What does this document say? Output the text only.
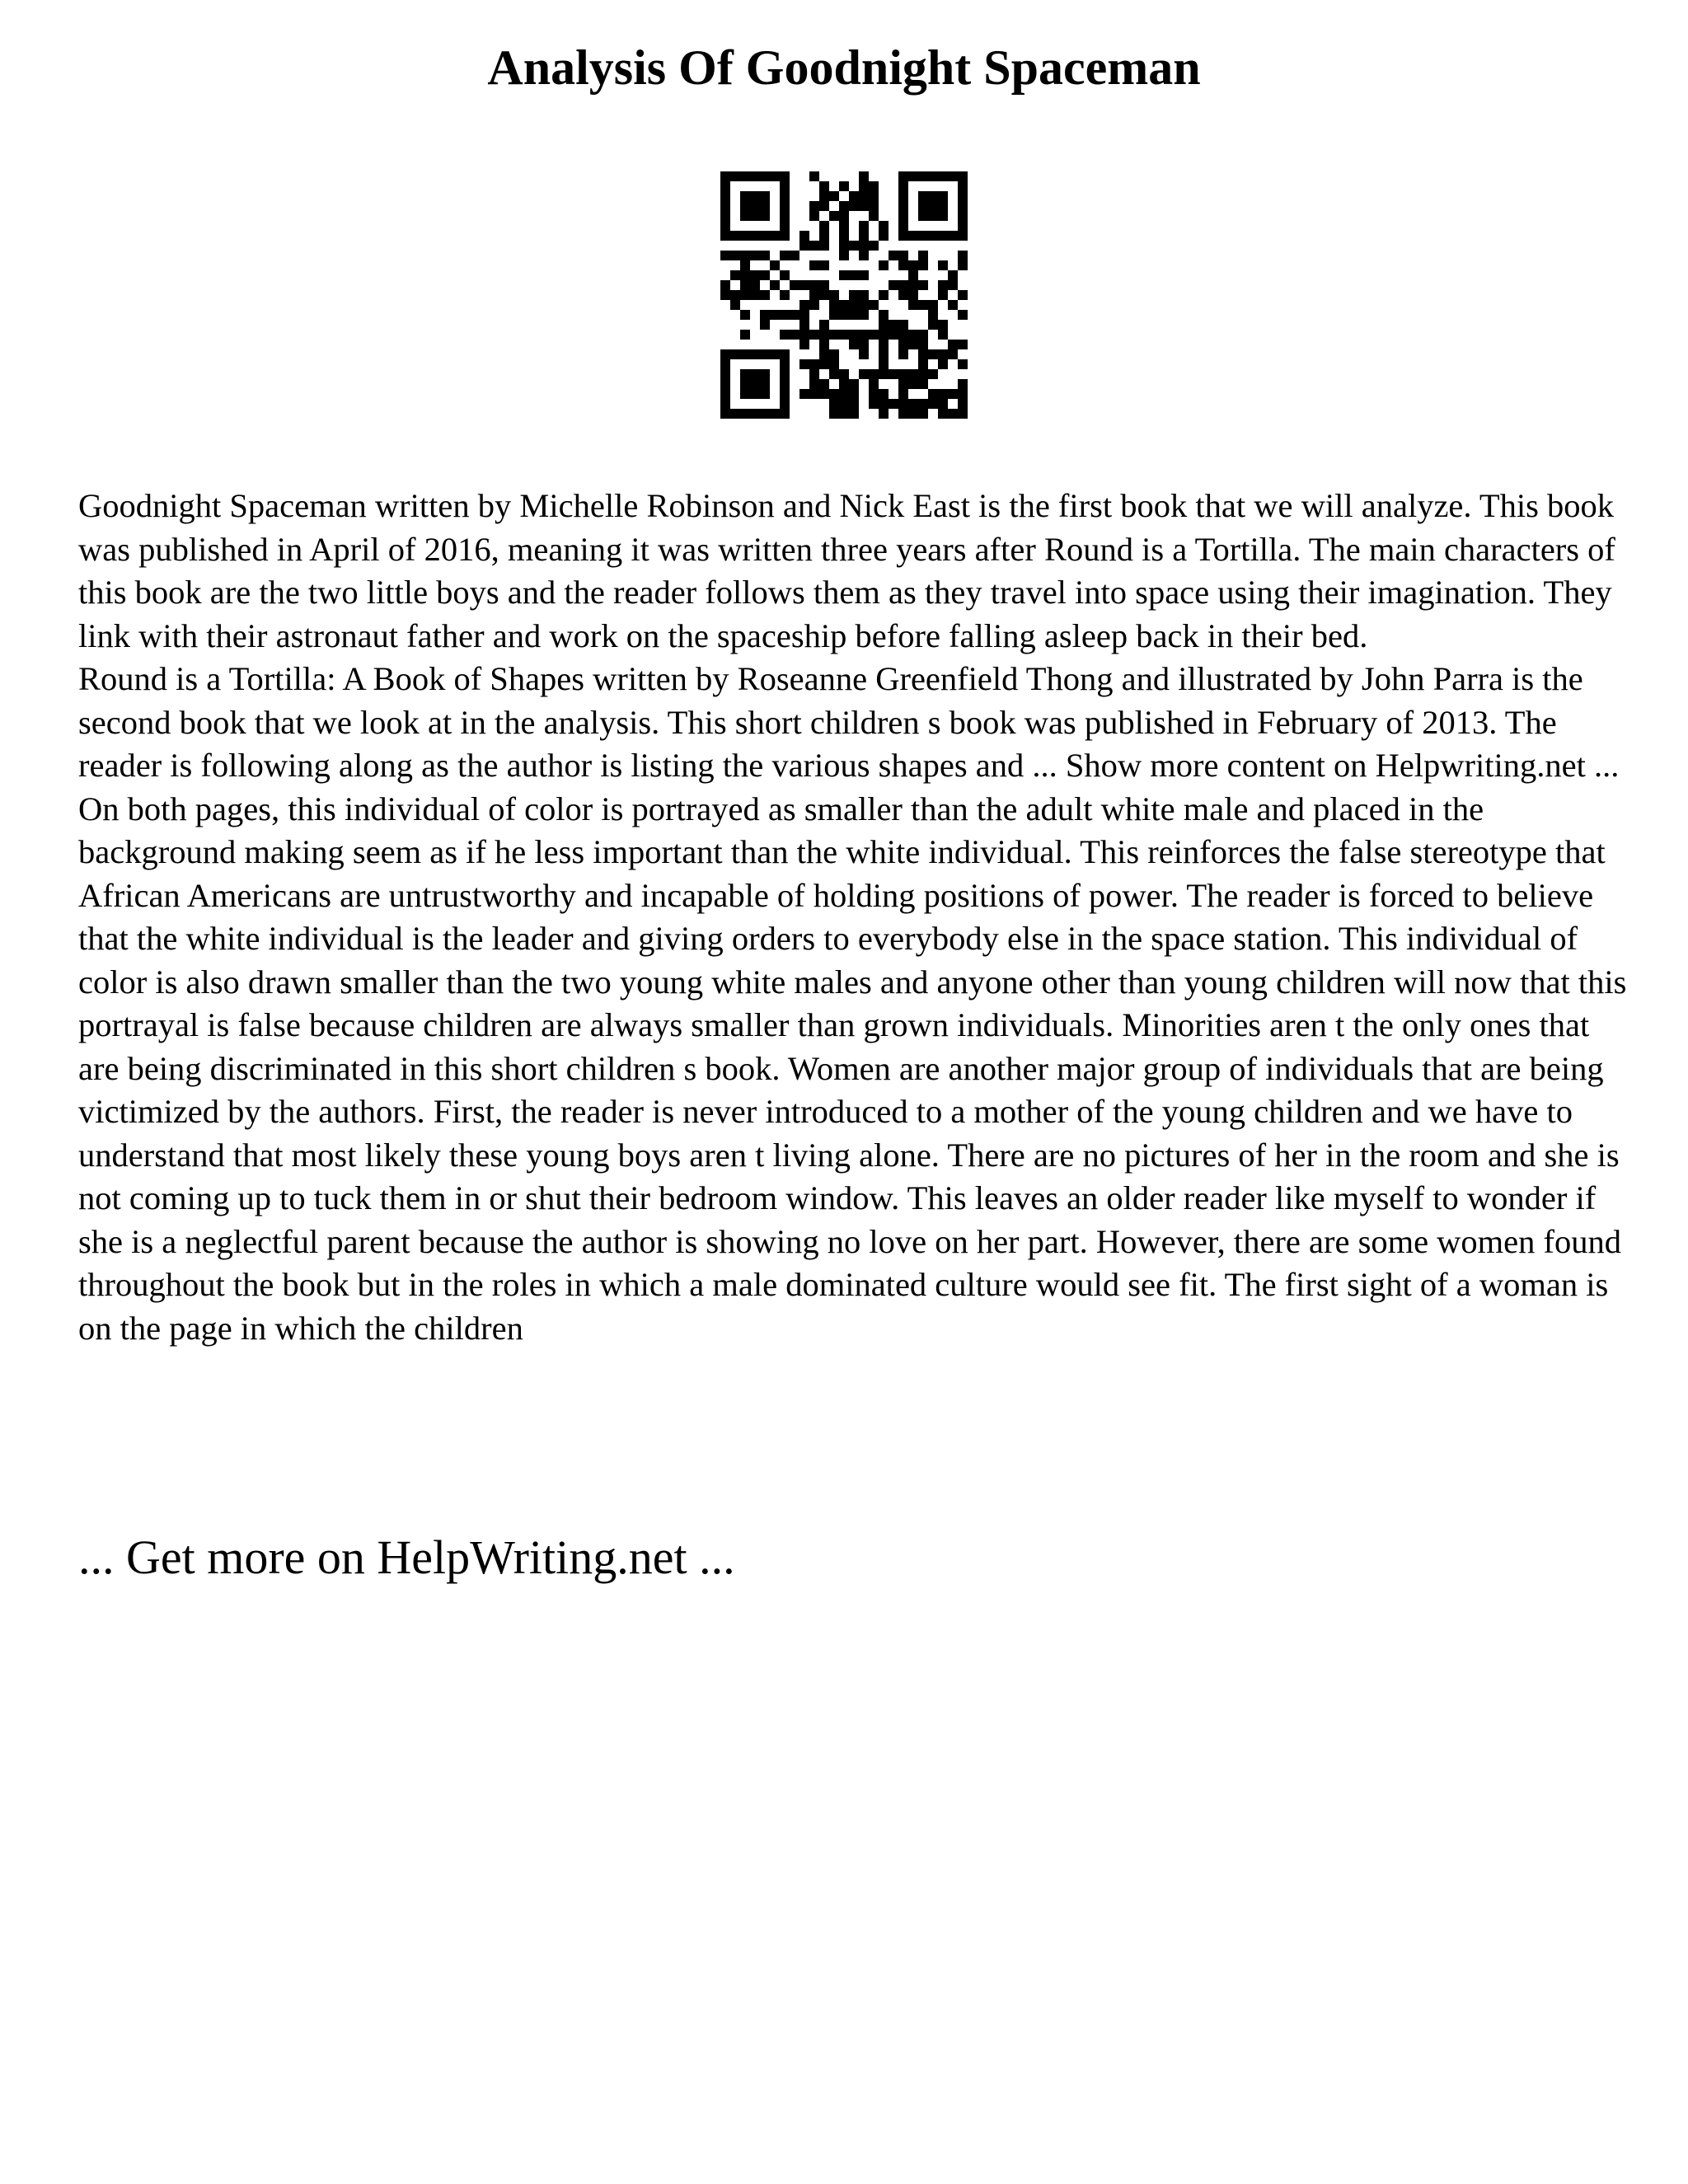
Analysis Of Goodnight Spaceman

Goodnight Spaceman written by Michelle Robinson and Nick East is the first book that we will analyze. This book was published in April of 2016, meaning it was written three years after Round is a Tortilla. The main characters of this book are the two little boys and the reader follows them as they travel into space using their imagination. They link with their astronaut father and work on the spaceship before falling asleep back in their bed.

Round is a Tortilla: A Book of Shapes written by Roseanne Greenfield Thong and illustrated by John Parra is the second book that we look at in the analysis. This short children s book was published in February of 2013. The reader is following along as the author is listing the various shapes and ... Show more content on Helpwriting.net ...

On both pages, this individual of color is portrayed as smaller than the adult white male and placed in the background making seem as if he less important than the white individual. This reinforces the false stereotype that African Americans are untrustworthy and incapable of holding positions of power. The reader is forced to believe that the white individual is the leader and giving orders to everybody else in the space station. This individual of color is also drawn smaller than the two young white males and anyone other than young children will now that this portrayal is false because children are always smaller than grown individuals. Minorities aren t the only ones that are being discriminated in this short children s book. Women are another major group of individuals that are being victimized by the authors. First, the reader is never introduced to a mother of the young children and we have to understand that most likely these young boys aren t living alone. There are no pictures of her in the room and she is not coming up to tuck them in or shut their bedroom window. This leaves an older reader like myself to wonder if she is a neglectful parent because the author is showing no love on her part. However, there are some women found throughout the book but in the roles in which a male dominated culture would see fit. The first sight of a woman is on the page in which the children

... Get more on HelpWriting.net ...
